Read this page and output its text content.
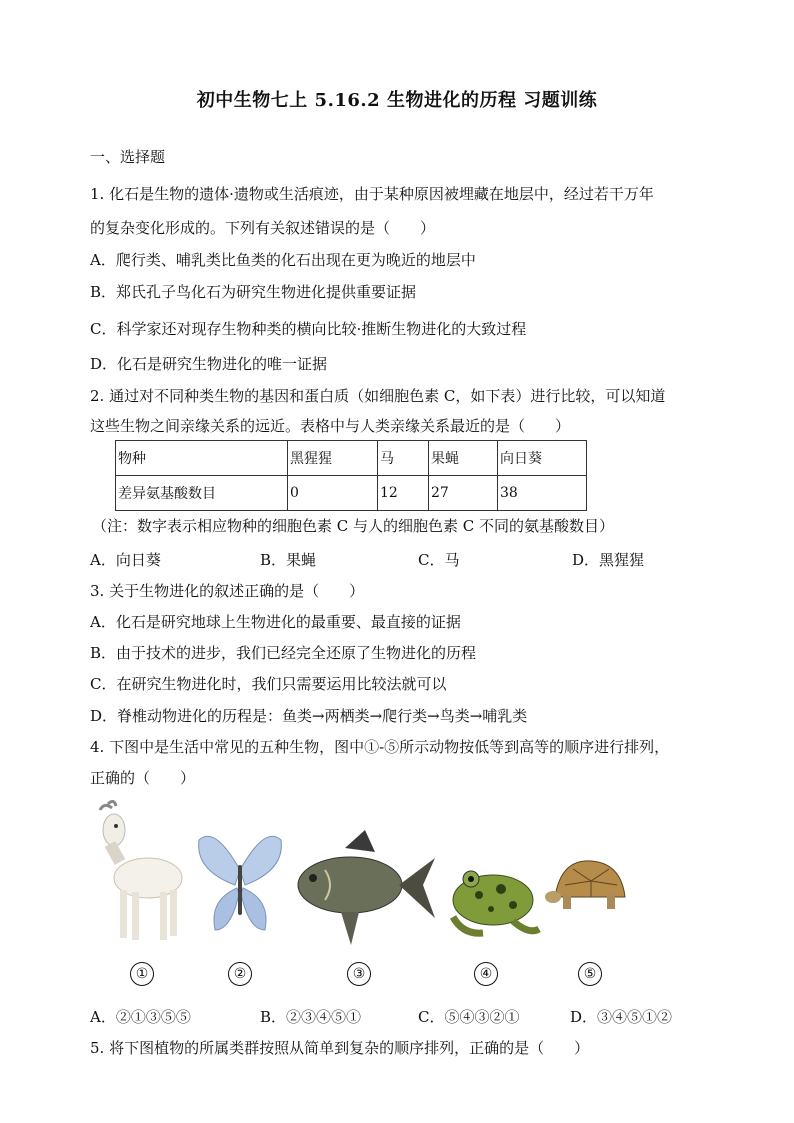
初中生物七上 5.16.2 生物进化的历程 习题训练
一、选择题
1. 化石是生物的遗体·遗物或生活痕迹，由于某种原因被埋藏在地层中，经过若干万年
的复杂变化形成的。下列有关叙述错误的是（　　）
A．爬行类、哺乳类比鱼类的化石出现在更为晚近的地层中
B．郑氏孔子鸟化石为研究生物进化提供重要证据
C．科学家还对现存生物种类的横向比较·推断生物进化的大致过程
D．化石是研究生物进化的唯一证据
2. 通过对不同种类生物的基因和蛋白质（如细胞色素 C，如下表）进行比较，可以知道
这些生物之间亲缘关系的远近。表格中与人类亲缘关系最近的是（　　）
物种	黑猩猩	马	果蝇	向日葵
差异氨基酸数目	0	12	27	38
（注：数字表示相应物种的细胞色素 C 与人的细胞色素 C 不同的氨基酸数目）
A．向日葵	B．果蝇	C．马	D．黑猩猩
3. 关于生物进化的叙述正确的是（　　）
A．化石是研究地球上生物进化的最重要、最直接的证据
B．由于技术的进步，我们已经完全还原了生物进化的历程
C．在研究生物进化时，我们只需要运用比较法就可以
D．脊椎动物进化的历程是：鱼类→两栖类→爬行类→鸟类→哺乳类
4. 下图中是生活中常见的五种生物，图中①-⑤所示动物按低等到高等的顺序进行排列，
正确的（　　）
①	②	③	④	⑤
A．②①③⑤⑤	B．②③④⑤①	C．⑤④③②①	D．③④⑤①②
5. 将下图植物的所属类群按照从简单到复杂的顺序排列，正确的是（　　）
